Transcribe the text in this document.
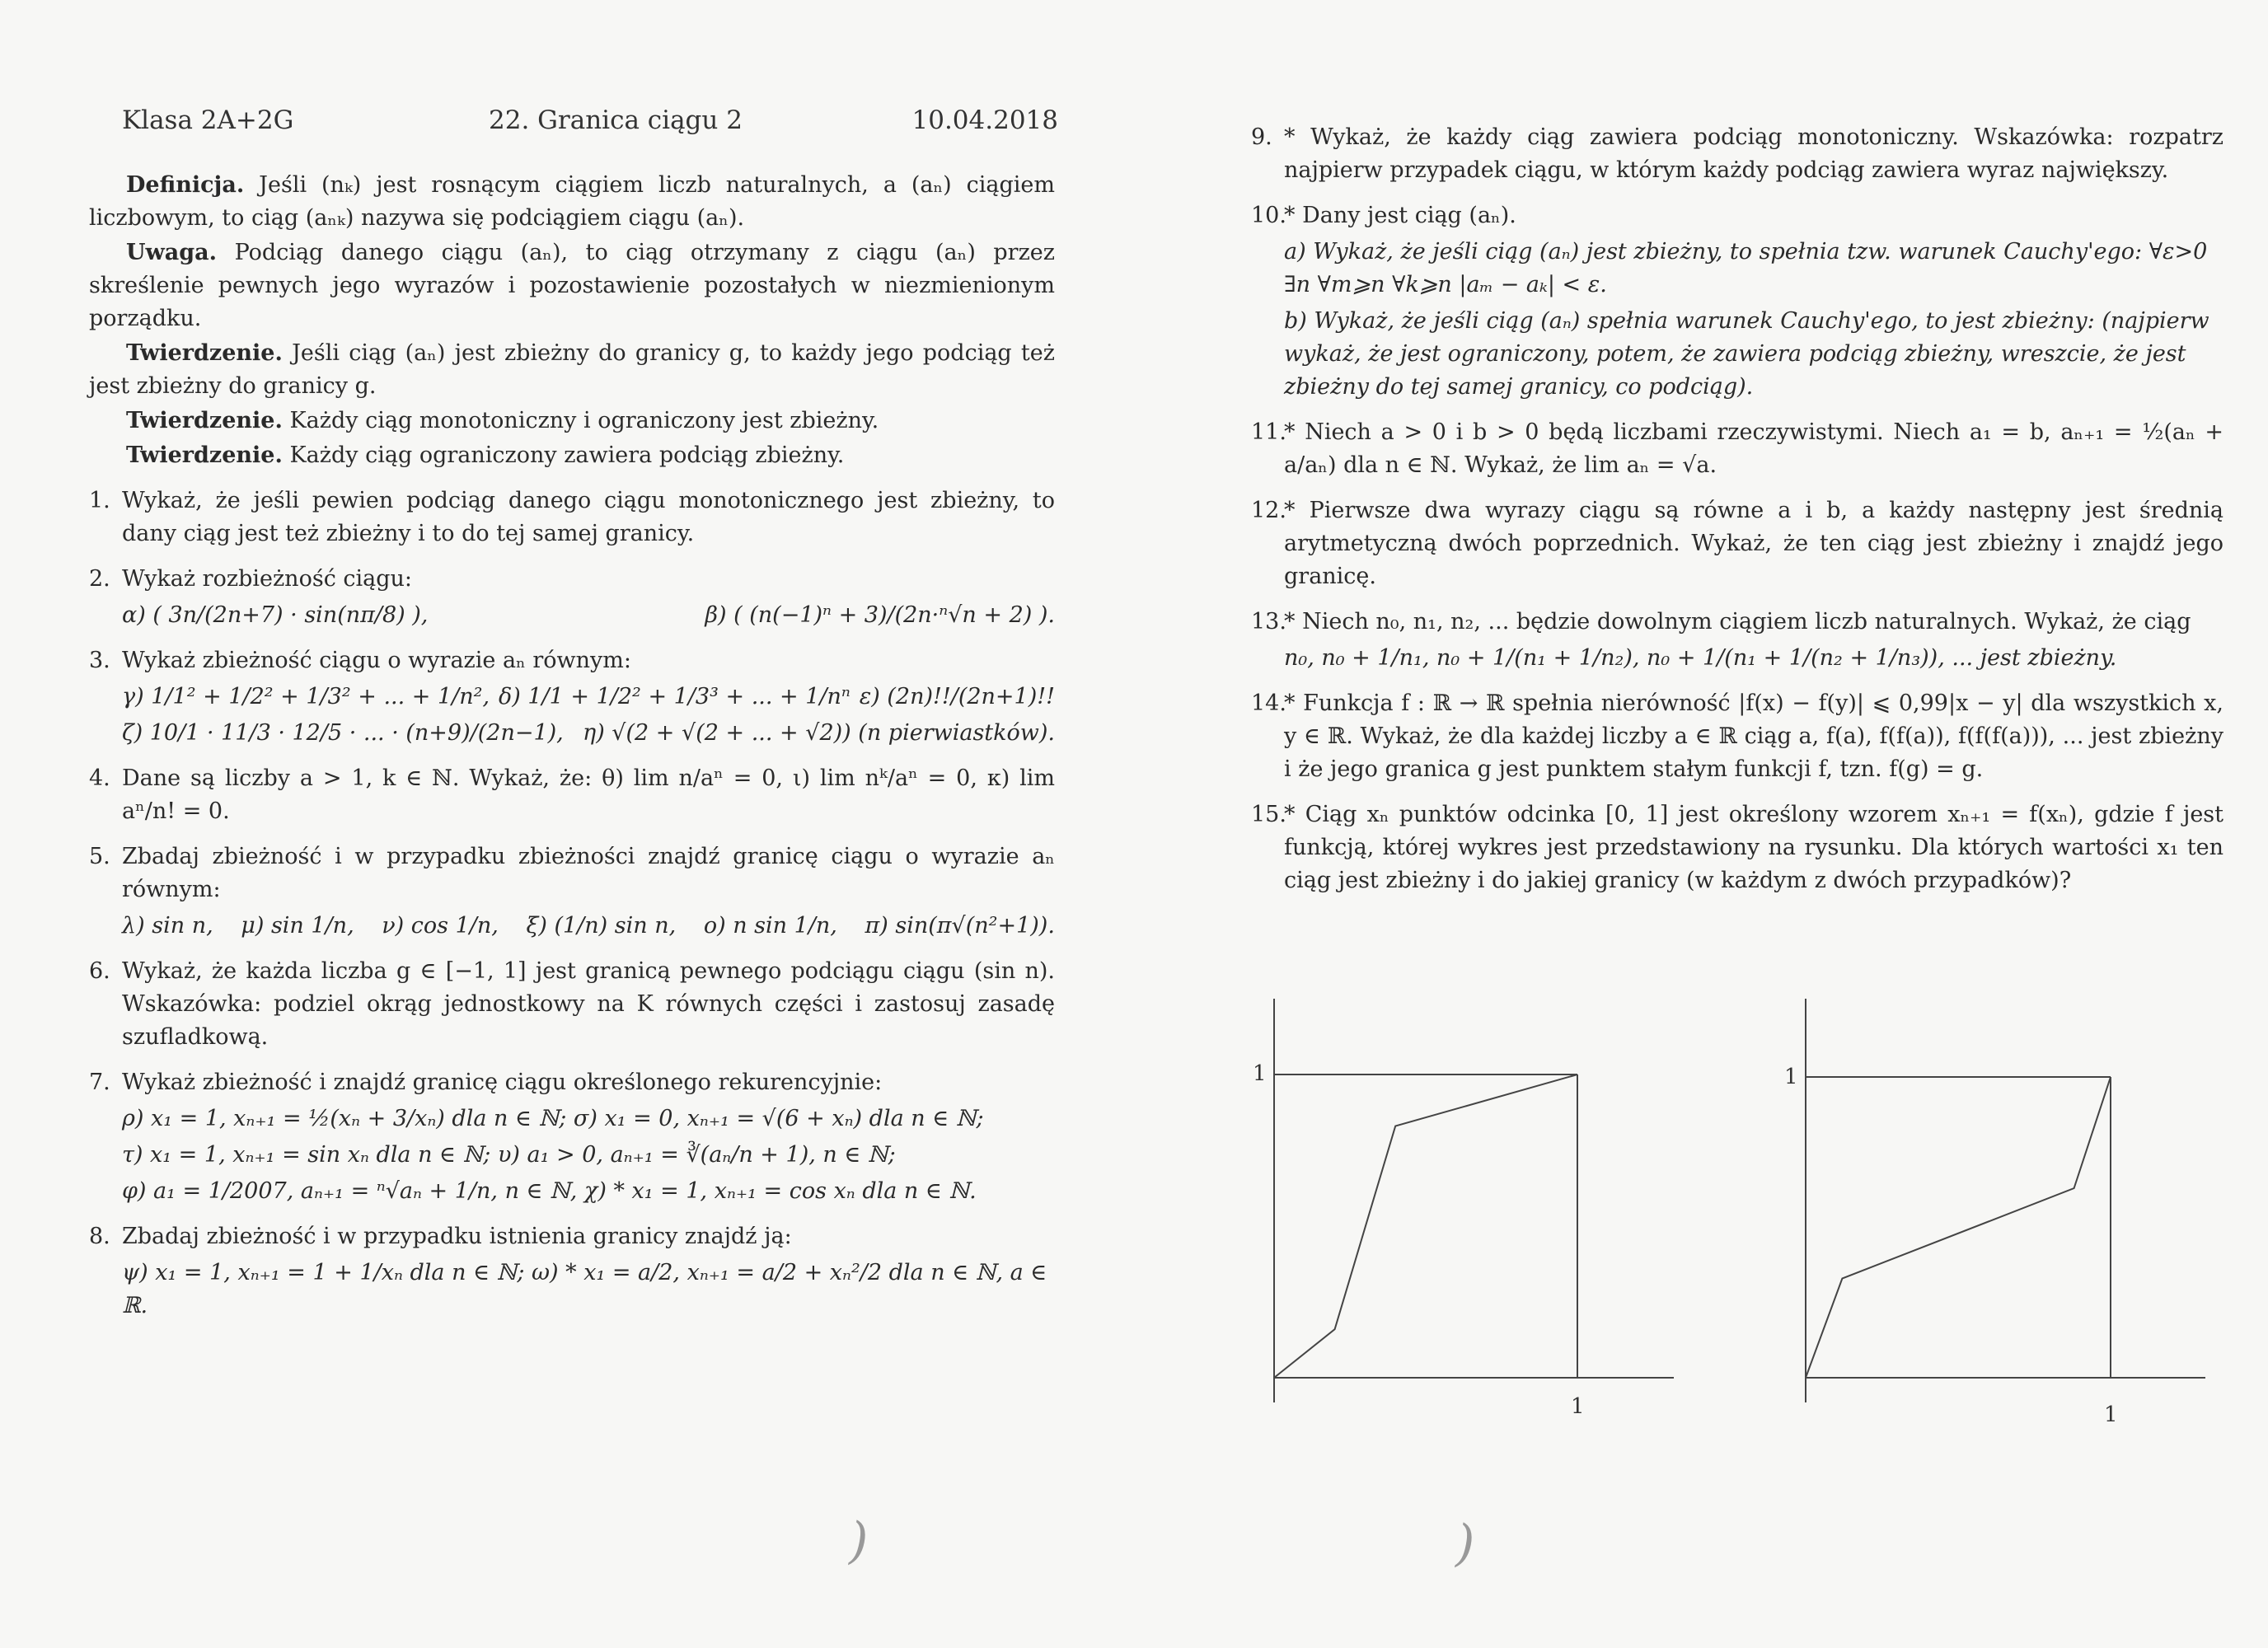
Klasa 2A+2G	22. Granica ciągu 2	10.04.2018

Definicja. Jeśli (nₖ) jest rosnącym ciągiem liczb naturalnych, a (aₙ) ciągiem liczbowym, to ciąg (aₙₖ) nazywa się podciągiem ciągu (aₙ).

Uwaga. Podciąg danego ciągu (aₙ), to ciąg otrzymany z ciągu (aₙ) przez skreślenie pewnych jego wyrazów i pozostawienie pozostałych w niezmienionym porządku.

Twierdzenie. Jeśli ciąg (aₙ) jest zbieżny do granicy g, to każdy jego podciąg też jest zbieżny do granicy g.

Twierdzenie. Każdy ciąg monotoniczny i ograniczony jest zbieżny.

Twierdzenie. Każdy ciąg ograniczony zawiera podciąg zbieżny.

1. Wykaż, że jeśli pewien podciąg danego ciągu monotonicznego jest zbieżny, to dany ciąg jest też zbieżny i to do tej samej granicy.
2. Wykaż rozbieżność ciągu:
α) ( 3n/(2n+7) · sin(nπ/8) ),	β) ( (n(−1)ⁿ + 3)/(2n·ⁿ√n + 2) ).
3. Wykaż zbieżność ciągu o wyrazie aₙ równym:
γ) 1/1² + 1/2² + 1/3² + ... + 1/n², δ) 1/1 + 1/2² + 1/3³ + ... + 1/nⁿ ε) (2n)!!/(2n+1)!!
ζ) 10/1 · 11/3 · 12/5 · ... · (n+9)/(2n−1), η) √(2 + √(2 + ... + √2)) (n pierwiastków).
4. Dane są liczby a > 1, k ∈ ℕ. Wykaż, że: θ) lim n/aⁿ = 0, ι) lim nᵏ/aⁿ = 0, κ) lim aⁿ/n! = 0.
5. Zbadaj zbieżność i w przypadku zbieżności znajdź granicę ciągu o wyrazie aₙ równym:
λ) sin n, μ) sin 1/n, ν) cos 1/n, ξ) (1/n) sin n, ο) n sin 1/n, π) sin(π√(n²+1)).
6. Wykaż, że każda liczba g ∈ [−1, 1] jest granicą pewnego podciągu ciągu (sin n). Wskazówka: podziel okrąg jednostkowy na K równych części i zastosuj zasadę szufladkową.
7. Wykaż zbieżność i znajdź granicę ciągu określonego rekurencyjnie:
ρ) x₁ = 1, xₙ₊₁ = ½(xₙ + 3/xₙ) dla n ∈ ℕ; σ) x₁ = 0, xₙ₊₁ = √(6 + xₙ) dla n ∈ ℕ;
τ) x₁ = 1, xₙ₊₁ = sin xₙ dla n ∈ ℕ; υ) a₁ > 0, aₙ₊₁ = ∛(aₙ/n + 1), n ∈ ℕ;
φ) a₁ = 1/2007, aₙ₊₁ = ⁿ√aₙ + 1/n, n ∈ ℕ, χ) * x₁ = 1, xₙ₊₁ = cos xₙ dla n ∈ ℕ.
8. Zbadaj zbieżność i w przypadku istnienia granicy znajdź ją:
ψ) x₁ = 1, xₙ₊₁ = 1 + 1/xₙ dla n ∈ ℕ; ω) * x₁ = a/2, xₙ₊₁ = a/2 + xₙ²/2 dla n ∈ ℕ, a ∈ ℝ.
)
9. * Wykaż, że każdy ciąg zawiera podciąg monotoniczny. Wskazówka: rozpatrz najpierw przypadek ciągu, w którym każdy podciąg zawiera wyraz największy.
10.
* Dany jest ciąg (aₙ).
a) Wykaż, że jeśli ciąg (aₙ) jest zbieżny, to spełnia tzw. warunek Cauchy'ego: ∀ε>0 ∃n ∀m⩾n ∀k⩾n |aₘ − aₖ| < ε.
b) Wykaż, że jeśli ciąg (aₙ) spełnia warunek Cauchy'ego, to jest zbieżny: (najpierw wykaż, że jest ograniczony, potem, że zawiera podciąg zbieżny, wreszcie, że jest zbieżny do tej samej granicy, co podciąg).
11.
* Niech a > 0 i b > 0 będą liczbami rzeczywistymi. Niech a₁ = b, aₙ₊₁ = ½(aₙ + a/aₙ) dla n ∈ ℕ. Wykaż, że lim aₙ = √a.
12.
* Pierwsze dwa wyrazy ciągu są równe a i b, a każdy następny jest średnią arytmetyczną dwóch poprzednich. Wykaż, że ten ciąg jest zbieżny i znajdź jego granicę.
13.
* Niech n₀, n₁, n₂, ... będzie dowolnym ciągiem liczb naturalnych. Wykaż, że ciąg
n₀, n₀ + 1/n₁, n₀ + 1/(n₁ + 1/n₂), n₀ + 1/(n₁ + 1/(n₂ + 1/n₃)), ... jest zbieżny.
14.
* Funkcja f : ℝ → ℝ spełnia nierówność |f(x) − f(y)| ⩽ 0,99|x − y| dla wszystkich x, y ∈ ℝ. Wykaż, że dla każdej liczby a ∈ ℝ ciąg a, f(a), f(f(a)), f(f(f(a))), ... jest zbieżny i że jego granica g jest punktem stałym funkcji f, tzn. f(g) = g.
15.
* Ciąg xₙ punktów odcinka [0, 1] jest określony wzorem xₙ₊₁ = f(xₙ), gdzie f jest funkcją, której wykres jest przedstawiony na rysunku. Dla których wartości x₁ ten ciąg jest zbieżny i do jakiej granicy (w każdym z dwóch przypadków)?
1
1
1
1
)
